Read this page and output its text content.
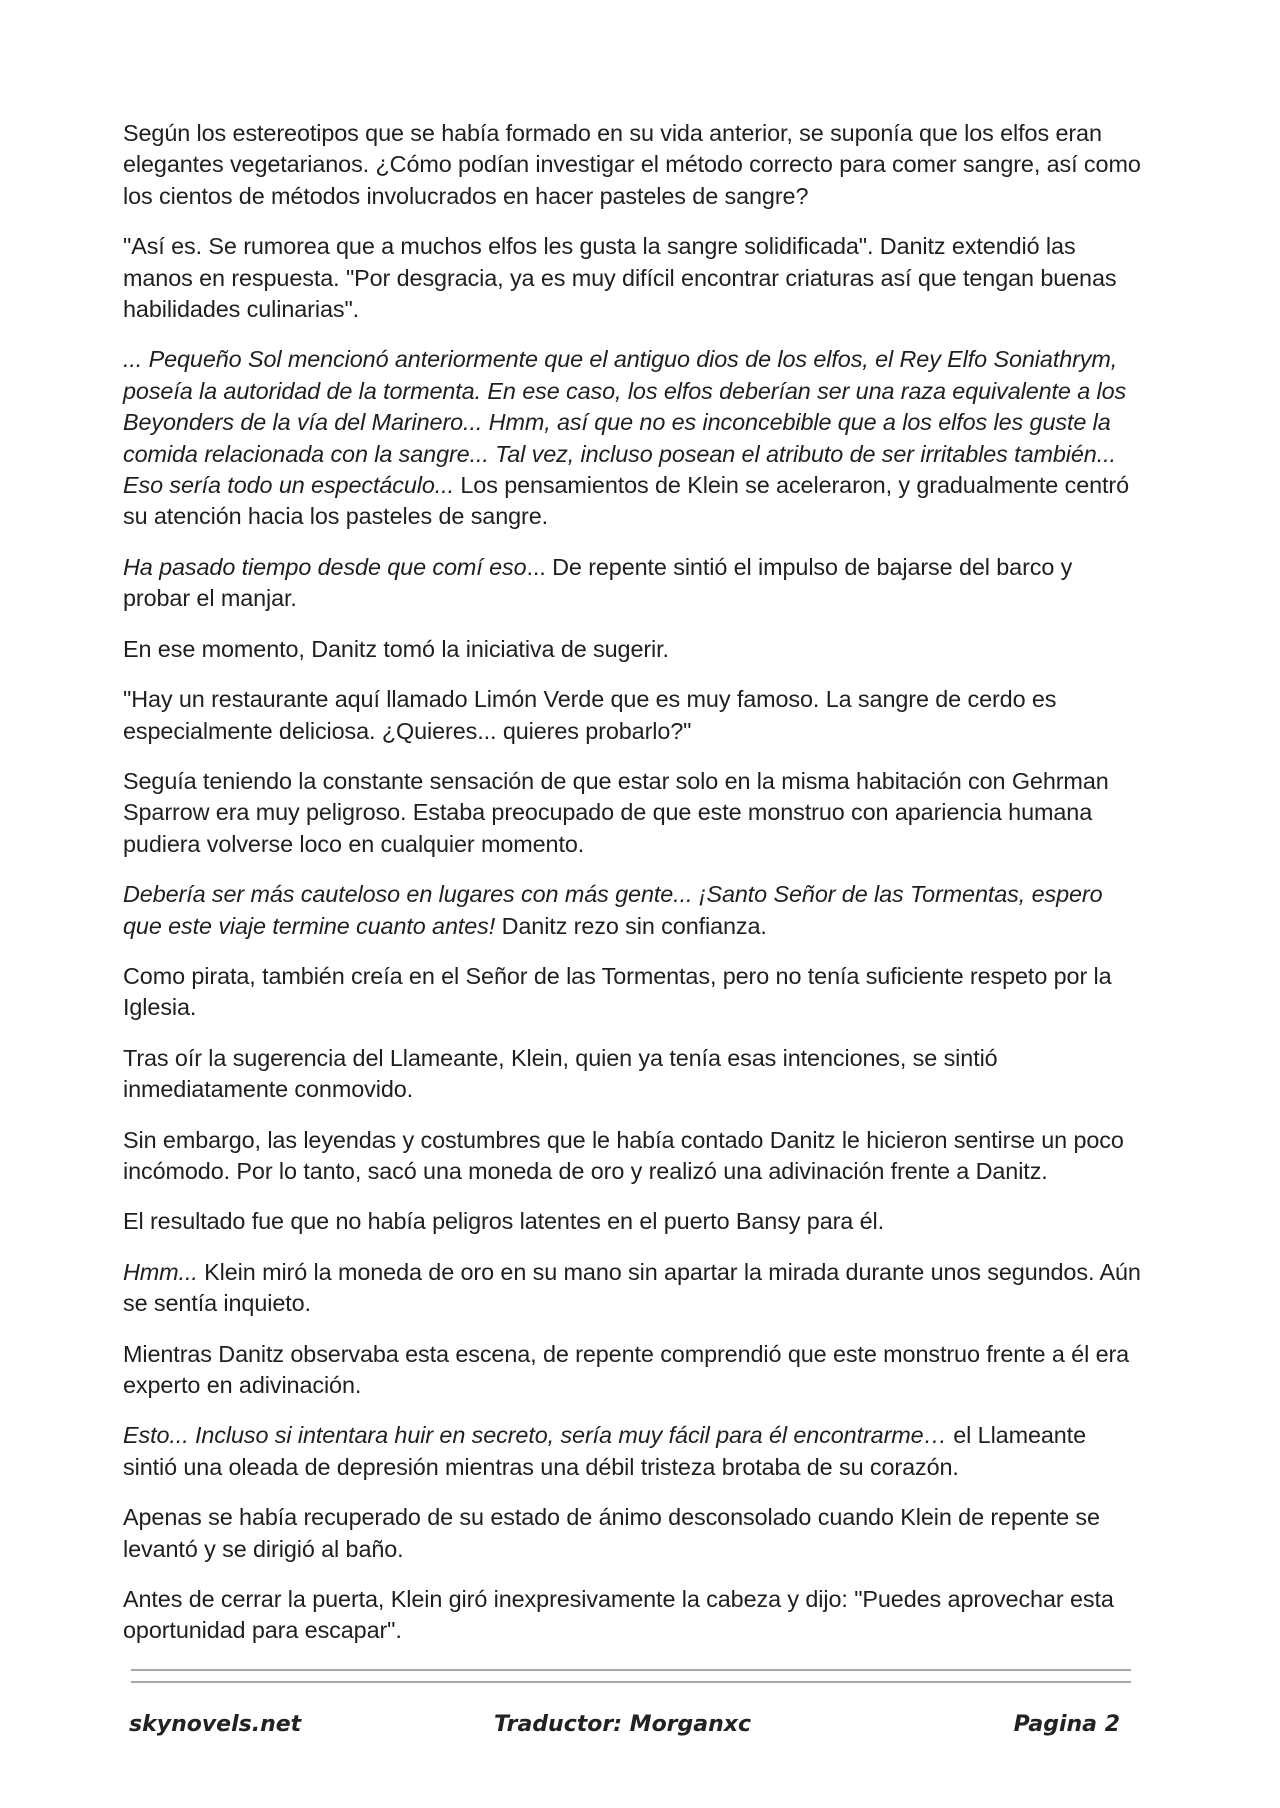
Según los estereotipos que se había formado en su vida anterior, se suponía que los elfos eran elegantes vegetarianos. ¿Cómo podían investigar el método correcto para comer sangre, así como los cientos de métodos involucrados en hacer pasteles de sangre?

"Así es. Se rumorea que a muchos elfos les gusta la sangre solidificada". Danitz extendió las manos en respuesta. "Por desgracia, ya es muy difícil encontrar criaturas así que tengan buenas habilidades culinarias".

... Pequeño Sol mencionó anteriormente que el antiguo dios de los elfos, el Rey Elfo Soniathrym, poseía la autoridad de la tormenta. En ese caso, los elfos deberían ser una raza equivalente a los Beyonders de la vía del Marinero... Hmm, así que no es inconcebible que a los elfos les guste la comida relacionada con la sangre... Tal vez, incluso posean el atributo de ser irritables también... Eso sería todo un espectáculo... Los pensamientos de Klein se aceleraron, y gradualmente centró su atención hacia los pasteles de sangre.

Ha pasado tiempo desde que comí eso... De repente sintió el impulso de bajarse del barco y probar el manjar.

En ese momento, Danitz tomó la iniciativa de sugerir.

"Hay un restaurante aquí llamado Limón Verde que es muy famoso. La sangre de cerdo es especialmente deliciosa. ¿Quieres... quieres probarlo?"

Seguía teniendo la constante sensación de que estar solo en la misma habitación con Gehrman Sparrow era muy peligroso. Estaba preocupado de que este monstruo con apariencia humana pudiera volverse loco en cualquier momento.

Debería ser más cauteloso en lugares con más gente... ¡Santo Señor de las Tormentas, espero que este viaje termine cuanto antes! Danitz rezo sin confianza.

Como pirata, también creía en el Señor de las Tormentas, pero no tenía suficiente respeto por la Iglesia.

Tras oír la sugerencia del Llameante, Klein, quien ya tenía esas intenciones, se sintió inmediatamente conmovido.

Sin embargo, las leyendas y costumbres que le había contado Danitz le hicieron sentirse un poco incómodo. Por lo tanto, sacó una moneda de oro y realizó una adivinación frente a Danitz.

El resultado fue que no había peligros latentes en el puerto Bansy para él.

Hmm... Klein miró la moneda de oro en su mano sin apartar la mirada durante unos segundos. Aún se sentía inquieto.

Mientras Danitz observaba esta escena, de repente comprendió que este monstruo frente a él era experto en adivinación.

Esto... Incluso si intentara huir en secreto, sería muy fácil para él encontrarme… el Llameante sintió una oleada de depresión mientras una débil tristeza brotaba de su corazón.

Apenas se había recuperado de su estado de ánimo desconsolado cuando Klein de repente se levantó y se dirigió al baño.

Antes de cerrar la puerta, Klein giró inexpresivamente la cabeza y dijo: "Puedes aprovechar esta oportunidad para escapar".

skynovels.net	Traductor: Morganxc	Pagina 2
